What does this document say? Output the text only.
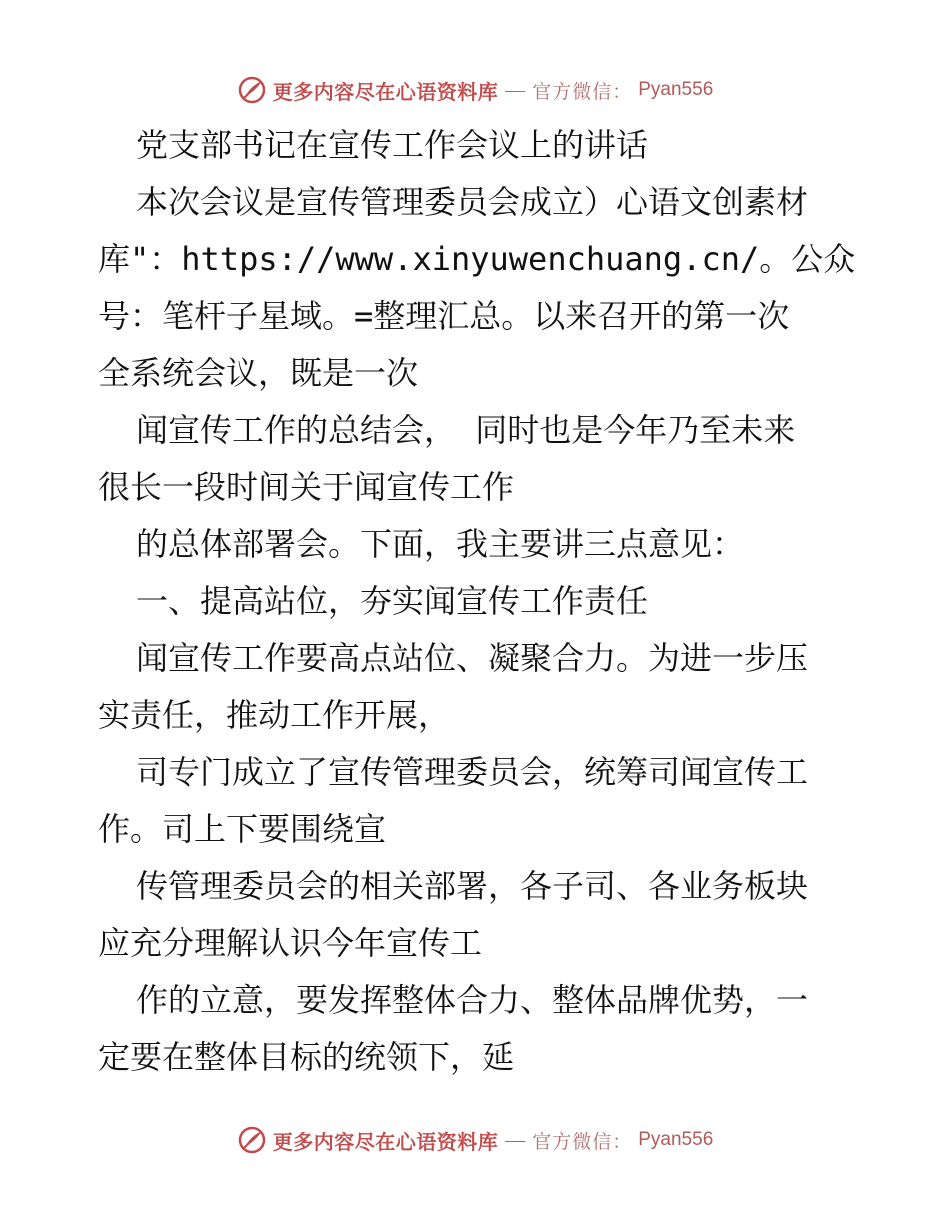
更多内容尽在心语资料库 — 官方微信： Pyan556
党支部书记在宣传工作会议上的讲话
本次会议是宣传管理委员会成立）心语文创素材
库"：https://www.xinyuwenchuang.cn/。公众
号：笔杆子星域。=整理汇总。以来召开的第一次
全系统会议，既是一次
闻宣传工作的总结会， 同时也是今年乃至未来
很长一段时间关于闻宣传工作
的总体部署会。下面，我主要讲三点意见：
一、提高站位，夯实闻宣传工作责任
闻宣传工作要高点站位、凝聚合力。为进一步压
实责任，推动工作开展，
司专门成立了宣传管理委员会，统筹司闻宣传工
作。司上下要围绕宣
传管理委员会的相关部署，各子司、各业务板块
应充分理解认识今年宣传工
作的立意，要发挥整体合力、整体品牌优势，一
定要在整体目标的统领下，延
更多内容尽在心语资料库 — 官方微信： Pyan556
